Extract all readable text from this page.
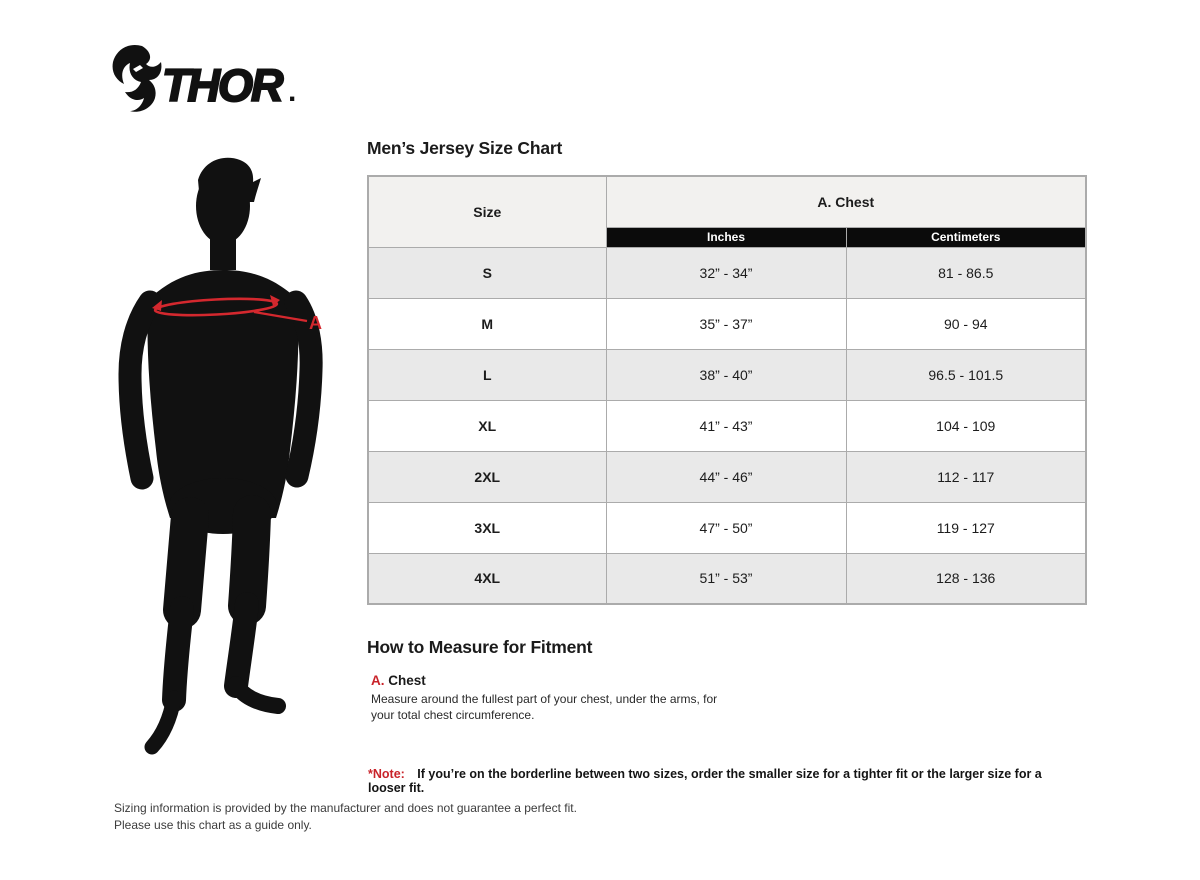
THOR .
A
Men’s Jersey Size Chart
Size	A. Chest	
	Inches	Centimeters
S	32” - 34”	81 - 86.5
M	35” - 37”	90 - 94
L	38” - 40”	96.5 - 101.5
XL	41” - 43”	104 - 109
2XL	44” - 46”	112 - 117
3XL	47” - 50”	119 - 127
4XL	51” - 53”	128 - 136
How to Measure for Fitment
A. Chest
Measure around the fullest part of your chest, under the arms, for your total chest circumference.
*Note: If you’re on the borderline between two sizes, order the smaller size for a tighter fit or the larger size for a looser fit.
Sizing information is provided by the manufacturer and does not guarantee a perfect fit.
Please use this chart as a guide only.
